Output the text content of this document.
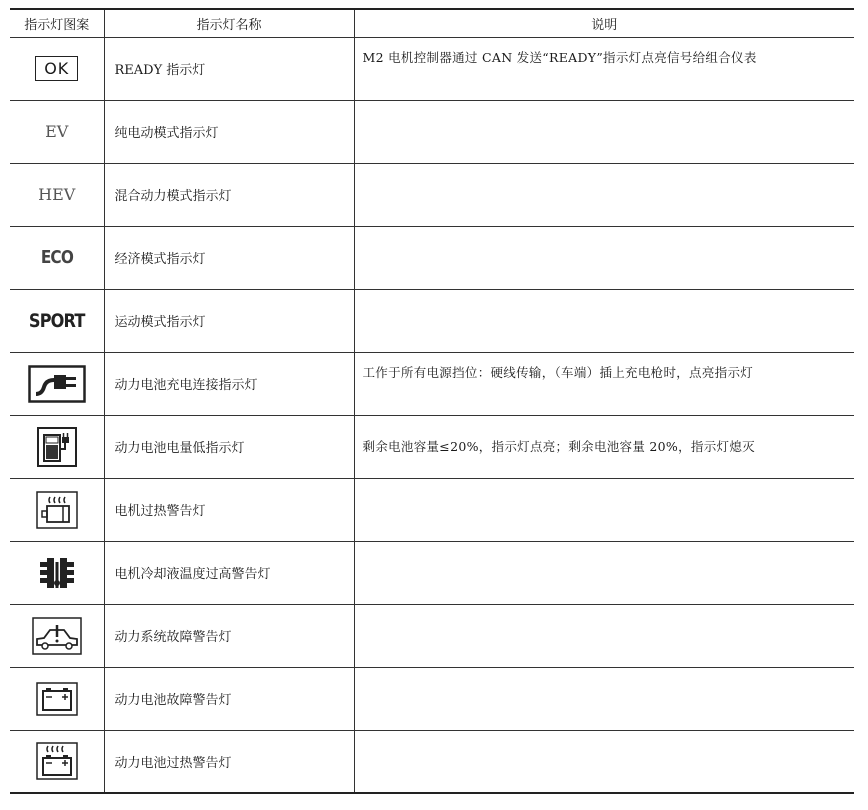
指示灯图案	指示灯名称	说明
OK	READY 指示灯	M2 电机控制器通过 CAN 发送“READY”指示灯点亮信号给组合仪表
EV	纯电动模式指示灯	
HEV	混合动力模式指示灯	
ECO	经济模式指示灯	
SPORT	运动模式指示灯	

	动力电池充电连接指示灯	工作于所有电源挡位：硬线传输，（车端）插上充电枪时，点亮指示灯

	动力电池电量低指示灯	剩余电池容量≤20%，指示灯点亮；剩余电池容量 20%，指示灯熄灭

	电机过热警告灯	

	电机冷却液温度过高警告灯	

	动力系统故障警告灯	

	动力电池故障警告灯	

	动力电池过热警告灯	
